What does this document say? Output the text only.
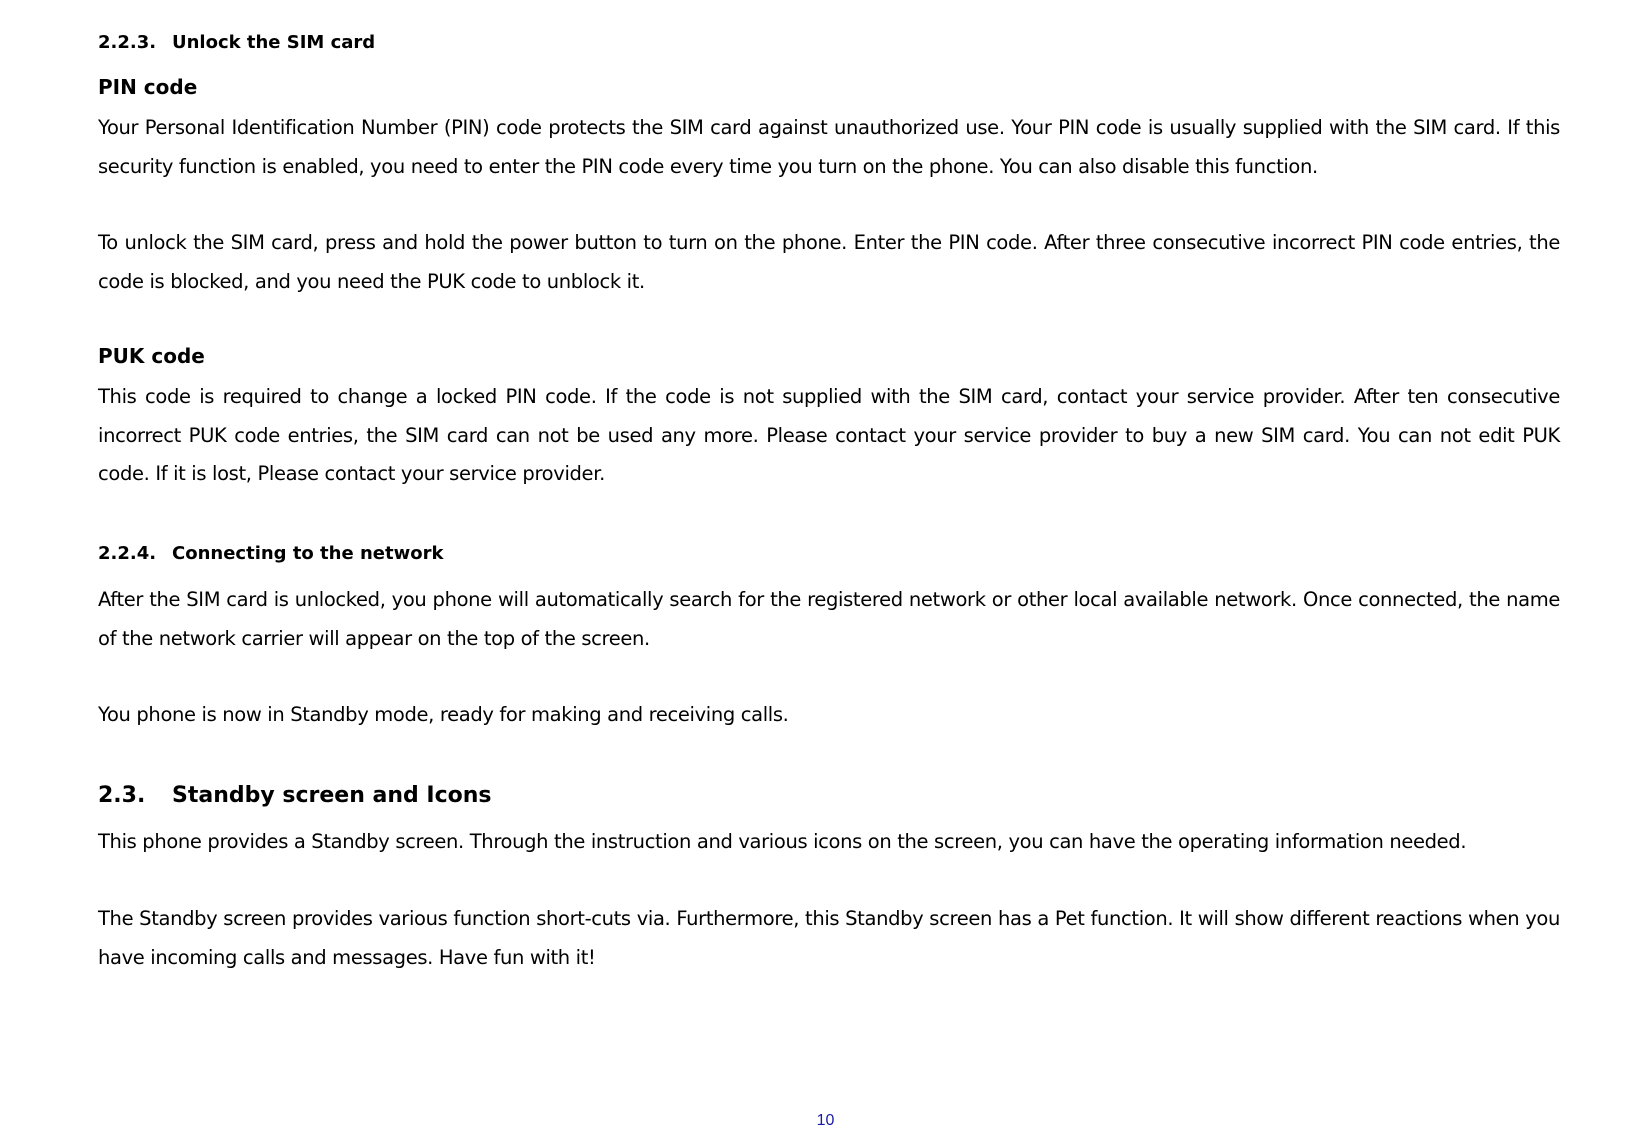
2.2.3. Unlock the SIM card
PIN code
Your Personal Identification Number (PIN) code protects the SIM card against unauthorized use. Your PIN code is usually supplied with the SIM card. If this security function is enabled, you need to enter the PIN code every time you turn on the phone. You can also disable this function.
To unlock the SIM card, press and hold the power button to turn on the phone. Enter the PIN code. After three consecutive incorrect PIN code entries, the code is blocked, and you need the PUK code to unblock it.
PUK code
This code is required to change a locked PIN code. If the code is not supplied with the SIM card, contact your service provider. After ten consecutive incorrect PUK code entries, the SIM card can not be used any more. Please contact your service provider to buy a new SIM card. You can not edit PUK code. If it is lost, Please contact your service provider.
2.2.4. Connecting to the network
After the SIM card is unlocked, you phone will automatically search for the registered network or other local available network. Once connected, the name of the network carrier will appear on the top of the screen.
You phone is now in Standby mode, ready for making and receiving calls.
2.3. Standby screen and Icons
This phone provides a Standby screen. Through the instruction and various icons on the screen, you can have the operating information needed.
The Standby screen provides various function short-cuts via. Furthermore, this Standby screen has a Pet function. It will show different reactions when you have incoming calls and messages. Have fun with it!
10
